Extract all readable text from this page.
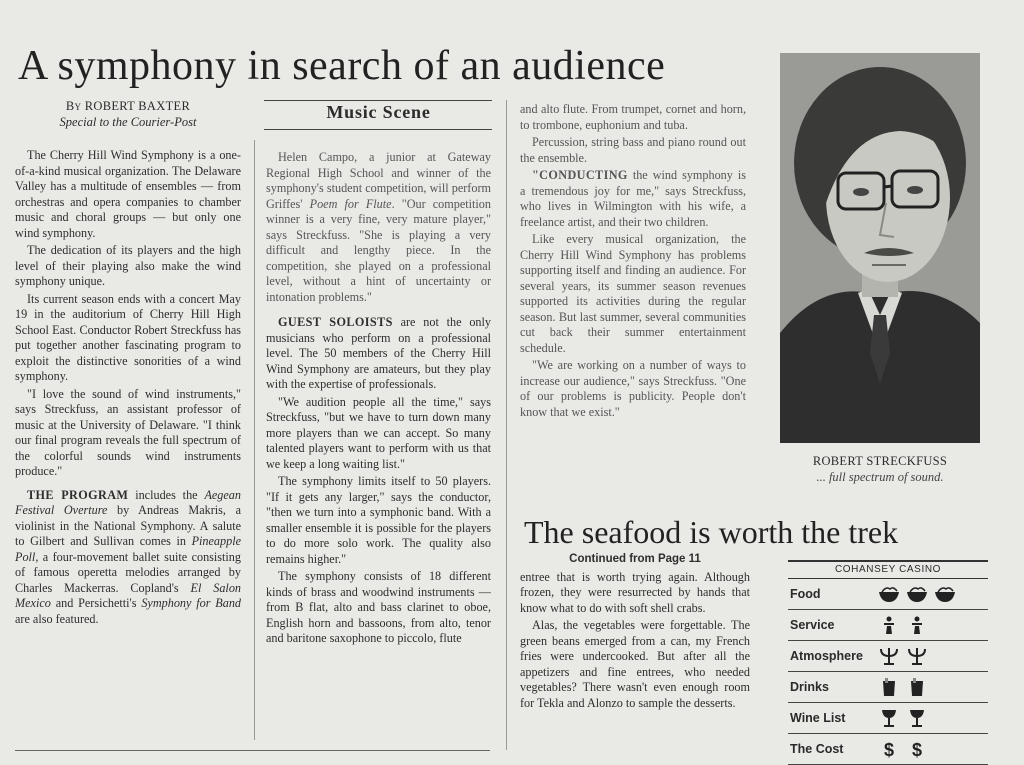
A symphony in search of an audience
By ROBERT BAXTER
Special to the Courier-Post	Music Scene

The Cherry Hill Wind Symphony is a one-of-a-kind musical organization. The Delaware Valley has a multitude of ensembles — from orchestras and opera companies to chamber music and choral groups — but only one wind symphony.

The dedication of its players and the high level of their playing also make the wind symphony unique.

Its current season ends with a concert May 19 in the auditorium of Cherry Hill High School East. Conductor Robert Streckfuss has put together another fascinating program to exploit the distinctive sonorities of a wind symphony.

"I love the sound of wind instruments," says Streckfuss, an assistant professor of music at the University of Delaware. "I think our final program reveals the full spectrum of the colorful sounds wind instruments produce."

THE PROGRAM includes the Aegean Festival Overture by Andreas Makris, a violinist in the National Symphony. A salute to Gilbert and Sullivan comes in Pineapple Poll, a four-movement ballet suite consisting of famous operetta melodies arranged by Charles Mackerras. Copland's El Salon Mexico and Persichetti's Symphony for Band are also featured.

Helen Campo, a junior at Gateway Regional High School and winner of the symphony's student competition, will perform Griffes' Poem for Flute. "Our competition winner is a very fine, very mature player," says Streckfuss. "She is playing a very difficult and lengthy piece. In the competition, she played on a professional level, without a hint of uncertainty or intonation problems."

GUEST SOLOISTS are not the only musicians who perform on a professional level. The 50 members of the Cherry Hill Wind Symphony are amateurs, but they play with the expertise of professionals.

"We audition people all the time," says Streckfuss, "but we have to turn down many more players than we can accept. So many talented players want to perform with us that we keep a long waiting list."

The symphony limits itself to 50 players. "If it gets any larger," says the conductor, "then we turn into a symphonic band. With a smaller ensemble it is possible for the players to do more solo work. The quality also remains higher."

The symphony consists of 18 different kinds of brass and woodwind instruments — from B flat, alto and bass clarinet to oboe, English horn and bassoons, from alto, tenor and baritone saxophone to piccolo, flute

and alto flute. From trumpet, cornet and horn, to trombone, euphonium and tuba.

Percussion, string bass and piano round out the ensemble.

"CONDUCTING the wind symphony is a tremendous joy for me," says Streckfuss, who lives in Wilmington with his wife, a freelance artist, and their two children.

Like every musical organization, the Cherry Hill Wind Symphony has problems supporting itself and finding an audience. For several years, its summer season revenues supported its activities during the regular season. But last summer, several communities cut back their summer entertainment schedule.

"We are working on a number of ways to increase our audience," says Streckfuss. "One of our problems is publicity. People don't know that we exist."

ROBERT STRECKFUSS
... full spectrum of sound.
The seafood is worth the trek

Continued from Page 11

entree that is worth trying again. Although frozen, they were resurrected by hands that know what to do with soft shell crabs.

Alas, the vegetables were forgettable. The green beans emerged from a can, my French fries were undercooked. But after all the appetizers and fine entrees, who needed vegetables? There wasn't even enough room for Tekla and Alonzo to sample the desserts.

COHANSEY CASINO
Food
Service
Atmosphere
Drinks
Wine List
The Cost	$ $
